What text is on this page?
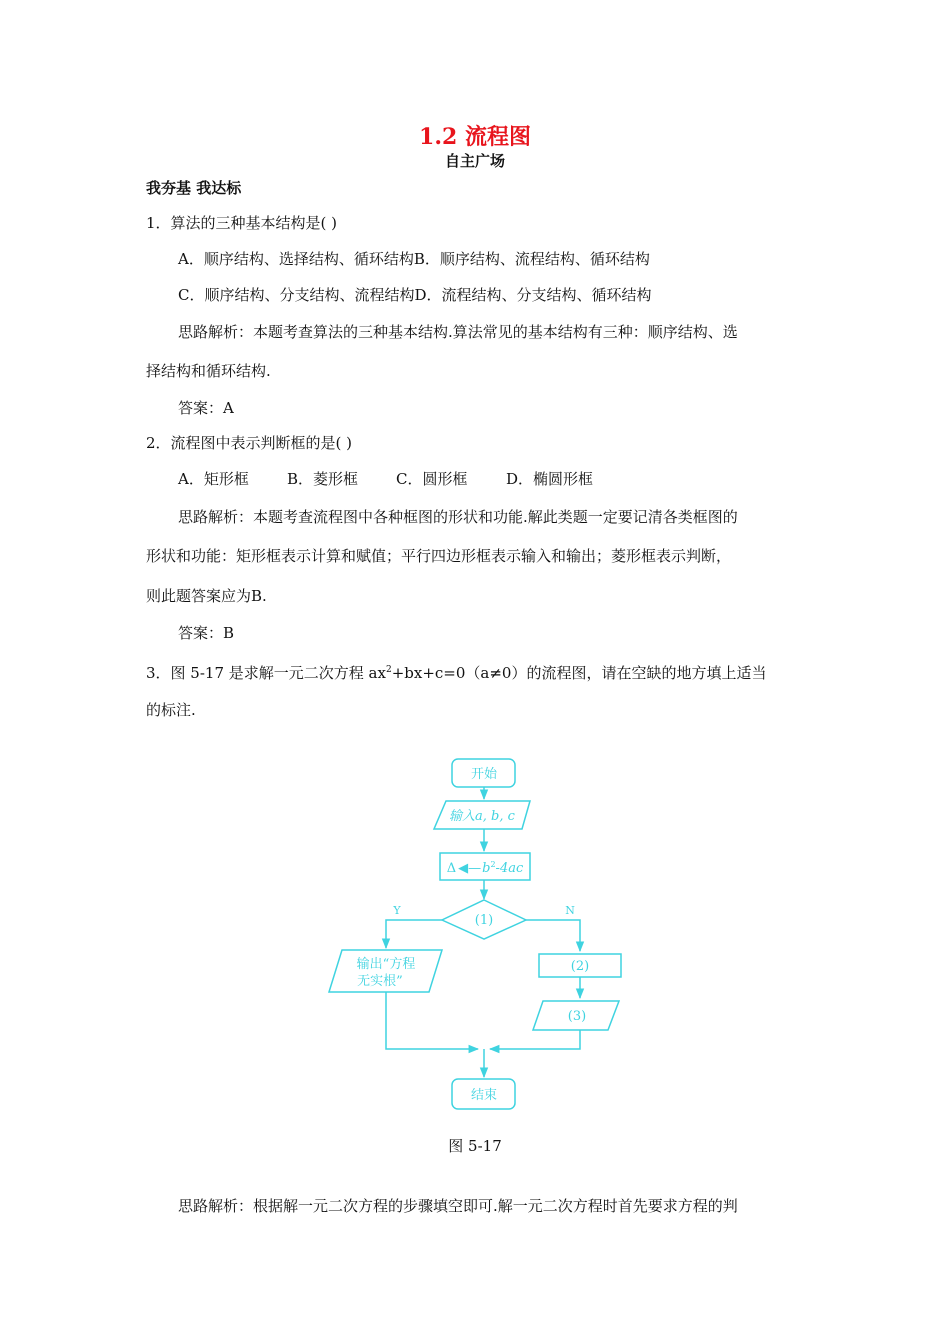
1.2 流程图
自主广场
我夯基 我达标
1．算法的三种基本结构是( )
A．顺序结构、选择结构、循环结构B．顺序结构、流程结构、循环结构
C．顺序结构、分支结构、流程结构D．流程结构、分支结构、循环结构
思路解析：本题考查算法的三种基本结构.算法常见的基本结构有三种：顺序结构、选
择结构和循环结构.
答案：A
2．流程图中表示判断框的是( )
A．矩形框	B．菱形框	C．圆形框	D．椭圆形框
思路解析：本题考查流程图中各种框图的形状和功能.解此类题一定要记清各类框图的
形状和功能：矩形框表示计算和赋值；平行四边形框表示输入和输出；菱形框表示判断，
则此题答案应为B.
答案：B
3．图 5-17 是求解一元二次方程 $ax^2+bx+c=0(a\ne 0)$的流程图，请在空缺的地方填上适当
的标注.
开始
输入a, b, c
Δ $◀—b^2-4ac$
(1)
Y	N
输出“方程
无实根”
(2)
(3)
结束
图 5-17
思路解析：根据解一元二次方程的步骤填空即可.解一元二次方程时首先要求方程的判
